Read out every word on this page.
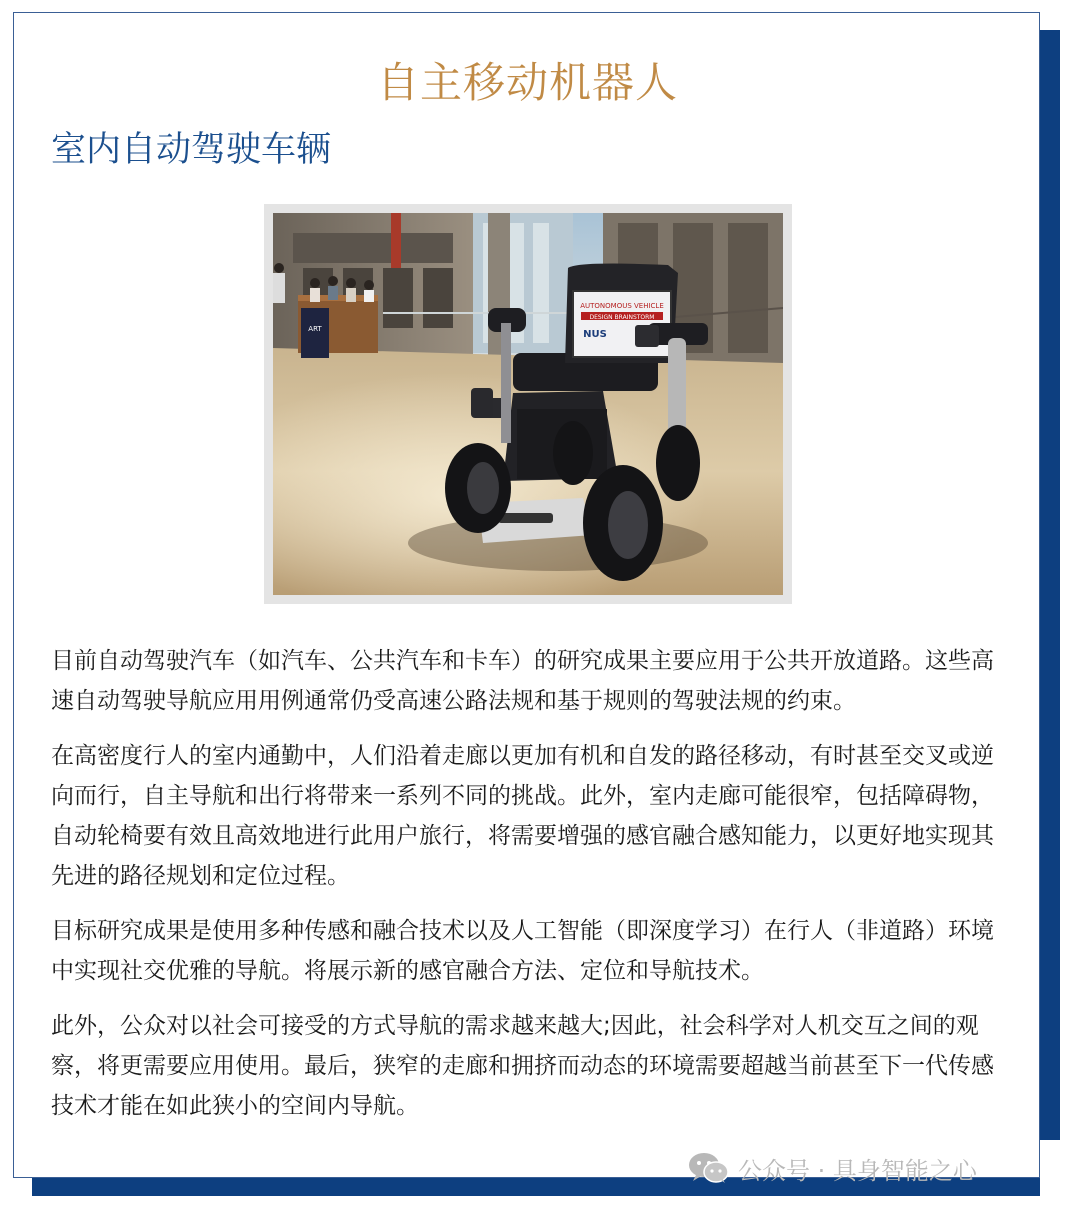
自主移动机器人
室内自动驾驶车辆
ART
AUTONOMOUS VEHICLE
DESIGN BRAINSTORM
NUS

目前自动驾驶汽车（如汽车、公共汽车和卡车）的研究成果主要应用于公共开放道路。这些高速自动驾驶导航应用用例通常仍受高速公路法规和基于规则的驾驶法规的约束。

在高密度行人的室内通勤中，人们沿着走廊以更加有机和自发的路径移动，有时甚至交叉或逆向而行，自主导航和出行将带来一系列不同的挑战。此外，室内走廊可能很窄，包括障碍物，自动轮椅要有效且高效地进行此用户旅行，将需要增强的感官融合感知能力，以更好地实现其先进的路径规划和定位过程。

目标研究成果是使用多种传感和融合技术以及人工智能（即深度学习）在行人（非道路）环境中实现社交优雅的导航。将展示新的感官融合方法、定位和导航技术。

此外，公众对以社会可接受的方式导航的需求越来越大;因此，社会科学对人机交互之间的观察，将更需要应用使用。最后，狭窄的走廊和拥挤而动态的环境需要超越当前甚至下一代传感技术才能在如此狭小的空间内导航。

公众号 · 具身智能之心
